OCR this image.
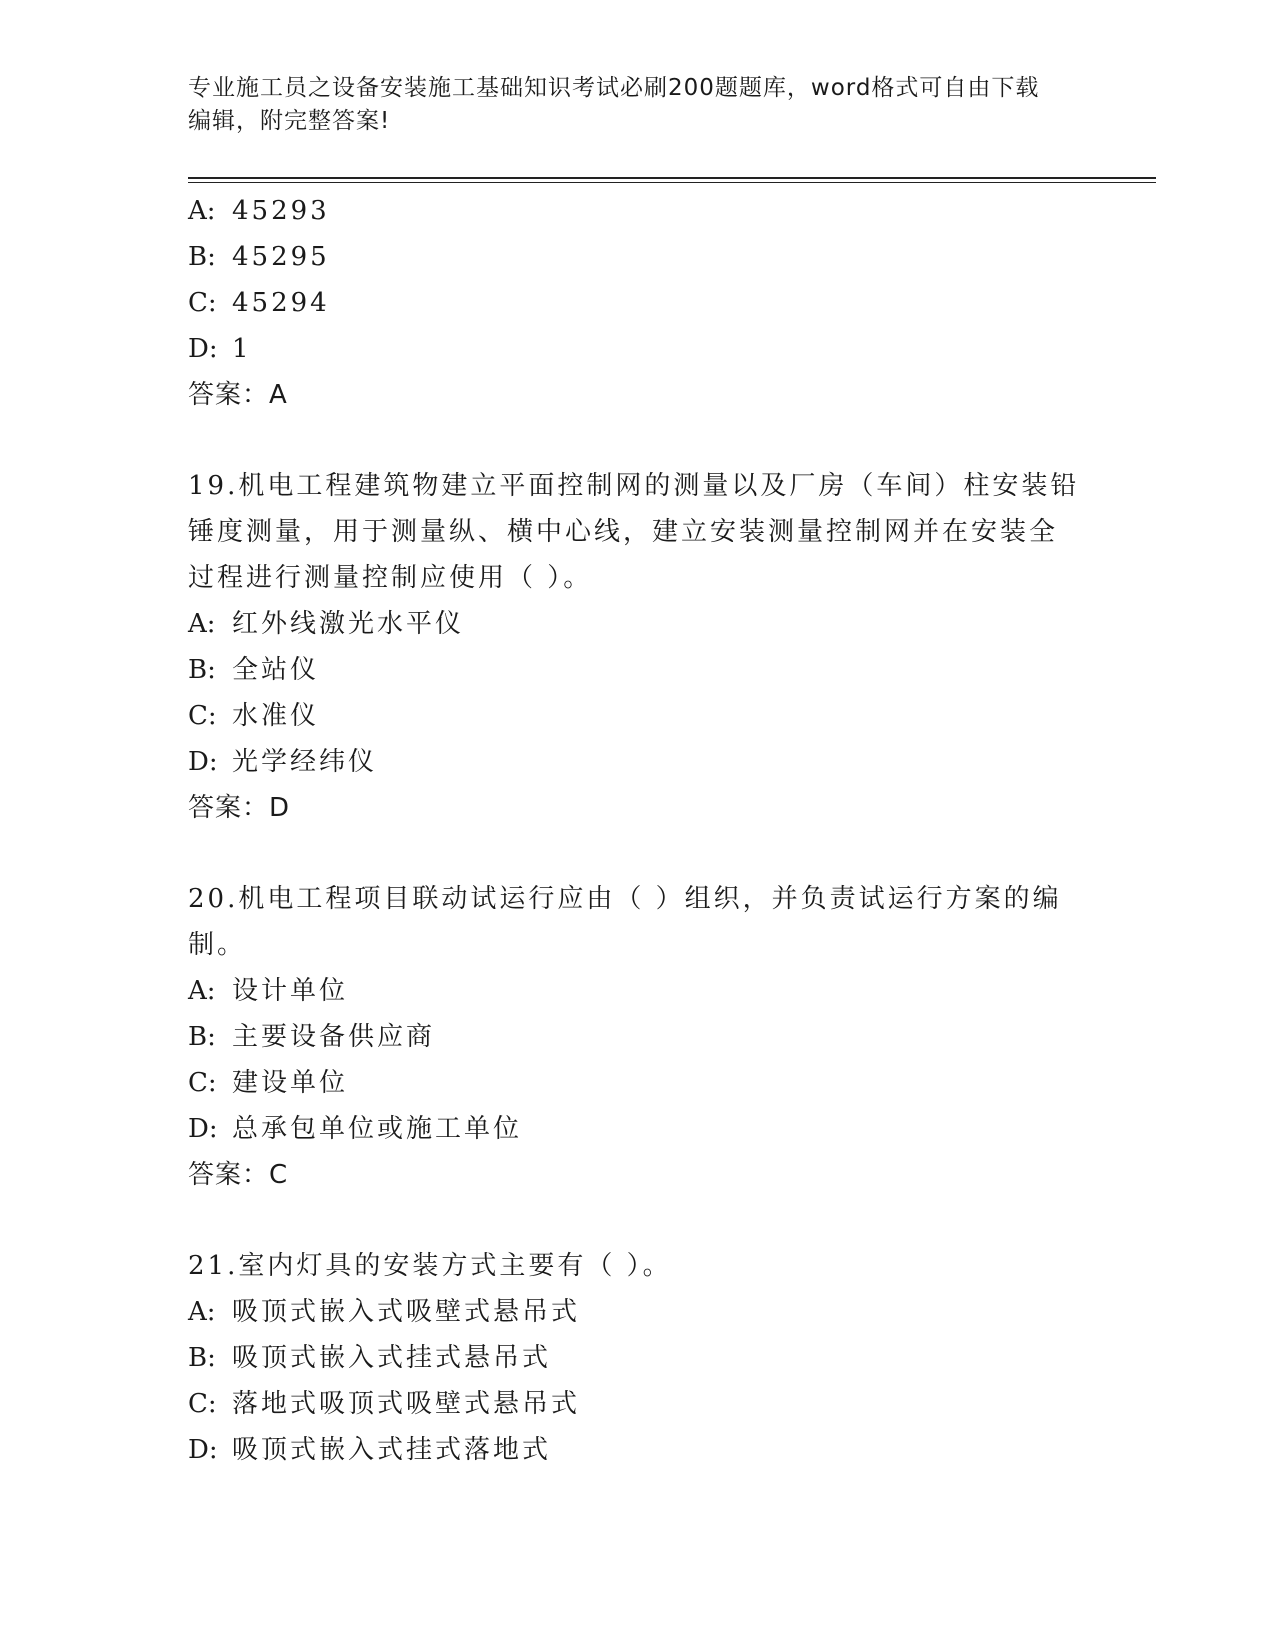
专业施工员之设备安装施工基础知识考试必刷200题题库，word格式可自由下载
编辑，附完整答案!
A: 45293
B: 45295
C: 45294
D: 1
答案：A
19.机电工程建筑物建立平面控制网的测量以及厂房（车间）柱安装铅
锤度测量，用于测量纵、横中心线，建立安装测量控制网并在安装全
过程进行测量控制应使用（ ）。
A: 红外线激光水平仪
B: 全站仪
C: 水准仪
D: 光学经纬仪
答案：D
20.机电工程项目联动试运行应由（ ）组织，并负责试运行方案的编
制。
A: 设计单位
B: 主要设备供应商
C: 建设单位
D: 总承包单位或施工单位
答案：C
21.室内灯具的安装方式主要有（ ）。
A: 吸顶式嵌入式吸壁式悬吊式
B: 吸顶式嵌入式挂式悬吊式
C: 落地式吸顶式吸壁式悬吊式
D: 吸顶式嵌入式挂式落地式
